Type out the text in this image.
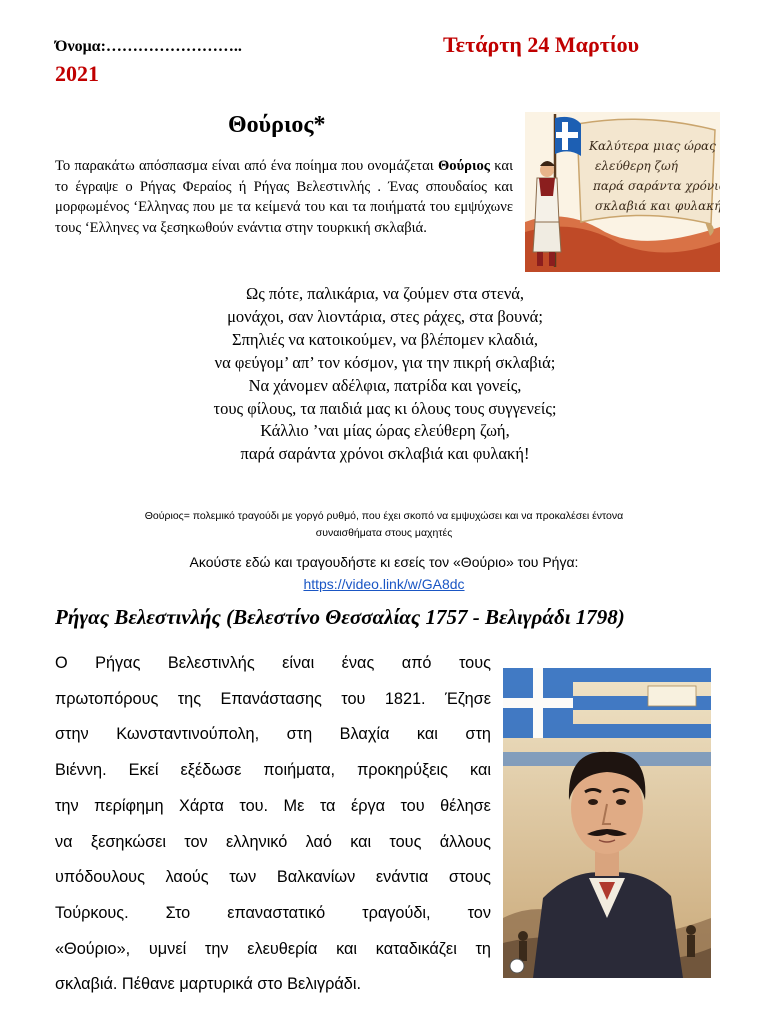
Όνομα:……………………..	Τετάρτη 24 Μαρτίου
2021
Θούριος*

Το παρακάτω απόσπασμα είναι από ένα ποίημα που ονομάζεται Θούριος και το έγραψε ο Ρήγας Φεραίος ή Ρήγας Βελεστινλής . Ένας σπουδαίος και μορφωμένος ‘Ελληνας που με τα κείμενά του και τα ποιήματά του εμψύχωνε τους ‘Ελληνες να ξεσηκωθούν ενάντια στην τουρκική σκλαβιά.

Καλύτερα μιας ώρας
ελεύθερη ζωή
παρά σαράντα χρόνια
σκλαβιά και φυλακή...
Ως πότε, παλικάρια, να ζούμεν στα στενά,
μονάχοι, σαν λιοντάρια, στες ράχες, στα βουνά;
Σπηλιές να κατοικούμεν, να βλέπομεν κλαδιά,
να φεύγομ’ απ’ τον κόσμον, για την πικρή σκλαβιά;
Να χάνομεν αδέλφια, πατρίδα και γονείς,
τους φίλους, τα παιδιά μας κι όλους τους συγγενείς;
Κάλλιο ’ναι μίας ώρας ελεύθερη ζωή,
παρά σαράντα χρόνοι σκλαβιά και φυλακή!
Θούριος= πολεμικό τραγούδι με γοργό ρυθμό, που έχει σκοπό να εμψυχώσει και να προκαλέσει έντονα
συναισθήματα στους μαχητές
Ακούστε εδώ και τραγουδήστε κι εσείς τον «Θούριο» του Ρήγα:
https://video.link/w/GA8dc
Ρήγας Βελεστινλής (Βελεστίνο Θεσσαλίας 1757 - Βελιγράδι 1798)
Ο Ρήγας Βελεστινλής είναι ένας από τους
πρωτοπόρους της Επανάστασης του 1821. Έζησε
στην Κωνσταντινούπολη, στη Βλαχία και στη
Βιέννη. Εκεί εξέδωσε ποιήματα, προκηρύξεις και
την περίφημη Χάρτα του. Με τα έργα του θέλησε
να ξεσηκώσει τον ελληνικό λαό και τους άλλους
υπόδουλους λαούς των Βαλκανίων ενάντια στους
Τούρκους. Στο επαναστατικό τραγούδι, τον
«Θούριο», υμνεί την ελευθερία και καταδικάζει τη
σκλαβιά. Πέθανε μαρτυρικά στο Βελιγράδι.
